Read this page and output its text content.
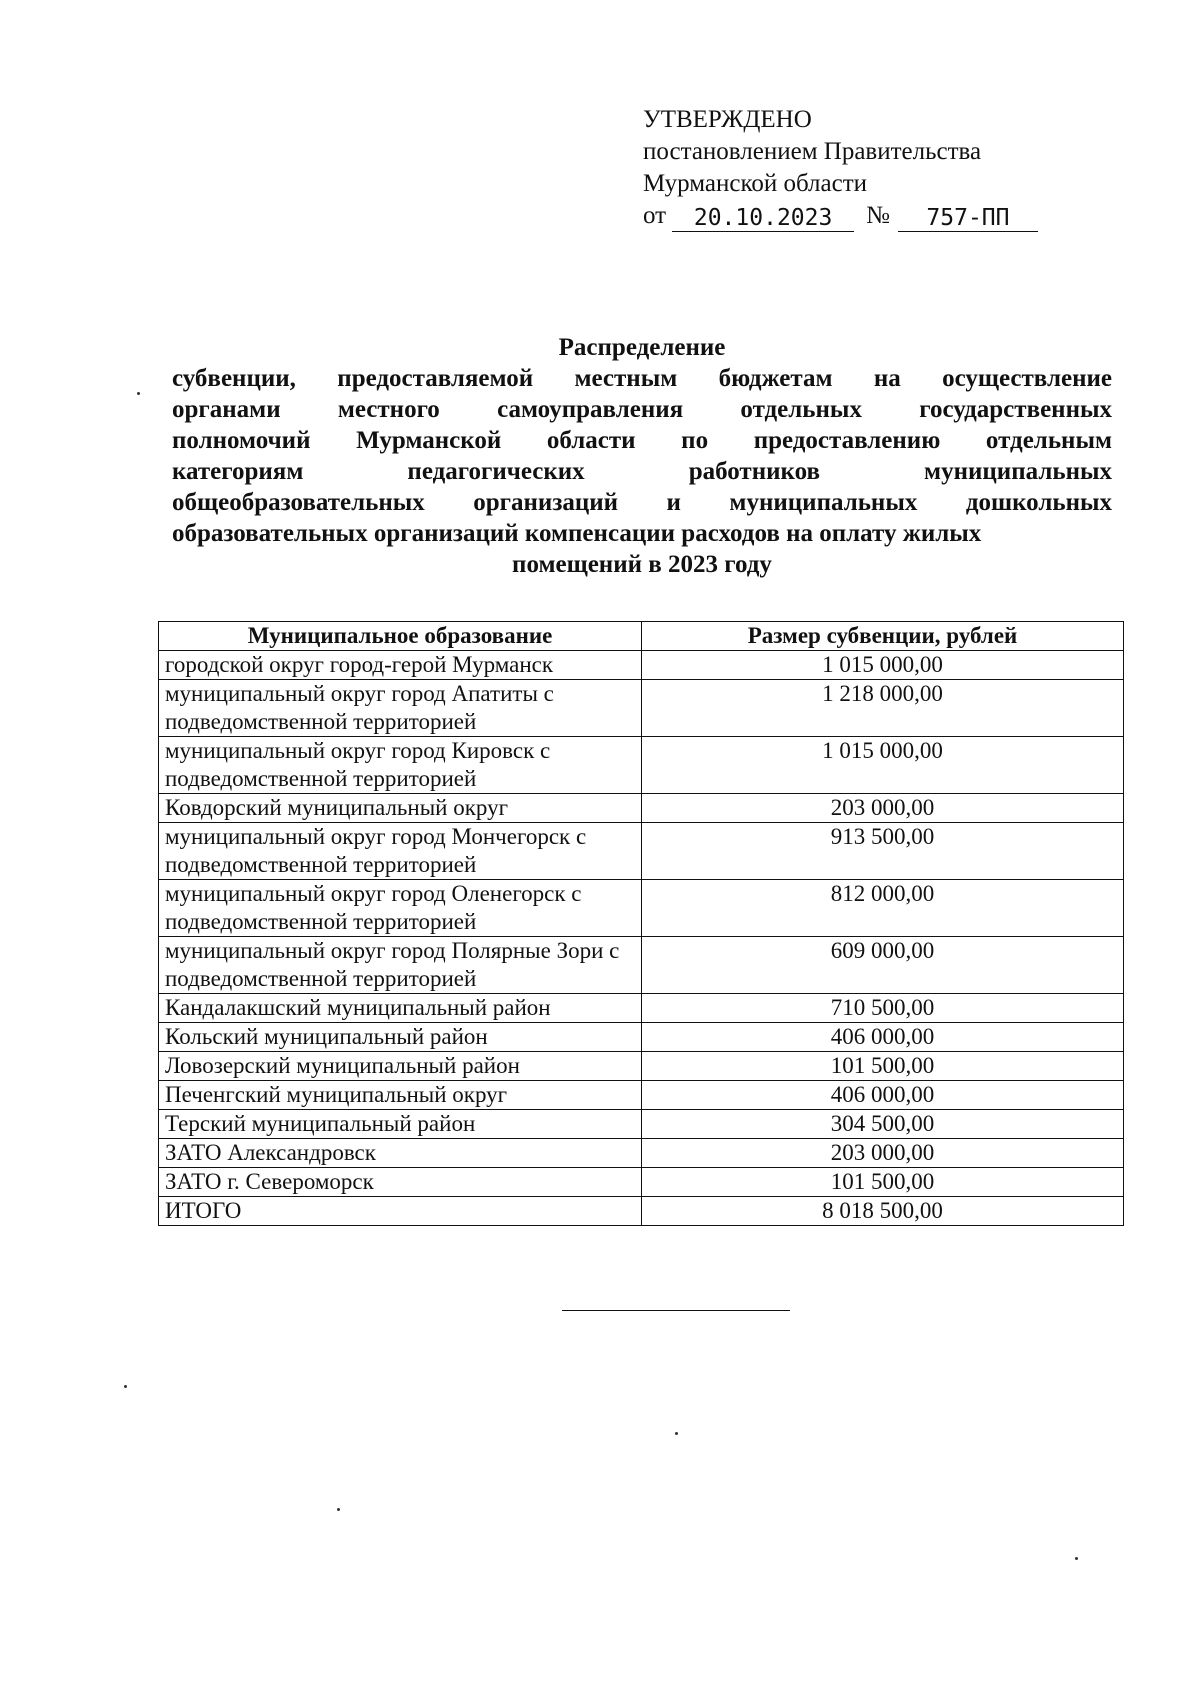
УТВЕРЖДЕНО
постановлением Правительства
Мурманской области
от	20.10.2023	№	757-ПП
Распределение
субвенции, предоставляемой местным бюджетам на осуществление
органами местного самоуправления отдельных государственных
полномочий Мурманской области по предоставлению отдельным
категориям педагогических работников муниципальных
общеобразовательных организаций и муниципальных дошкольных
образовательных организаций компенсации расходов на оплату жилых
помещений в 2023 году
Муниципальное образование	Размер субвенции, рублей
городской округ город-герой Мурманск	1 015 000,00
муниципальный округ город Апатиты с подведомственной территорией	1 218 000,00
муниципальный округ город Кировск с подведомственной территорией	1 015 000,00
Ковдорский муниципальный округ	203 000,00
муниципальный округ город Мончегорск с подведомственной территорией	913 500,00
муниципальный округ город Оленегорск с подведомственной территорией	812 000,00
муниципальный округ город Полярные Зори с подведомственной территорией	609 000,00
Кандалакшский муниципальный район	710 500,00
Кольский муниципальный район	406 000,00
Ловозерский муниципальный район	101 500,00
Печенгский муниципальный округ	406 000,00
Терский муниципальный район	304 500,00
ЗАТО Александровск	203 000,00
ЗАТО г. Североморск	101 500,00
ИТОГО	8 018 500,00
